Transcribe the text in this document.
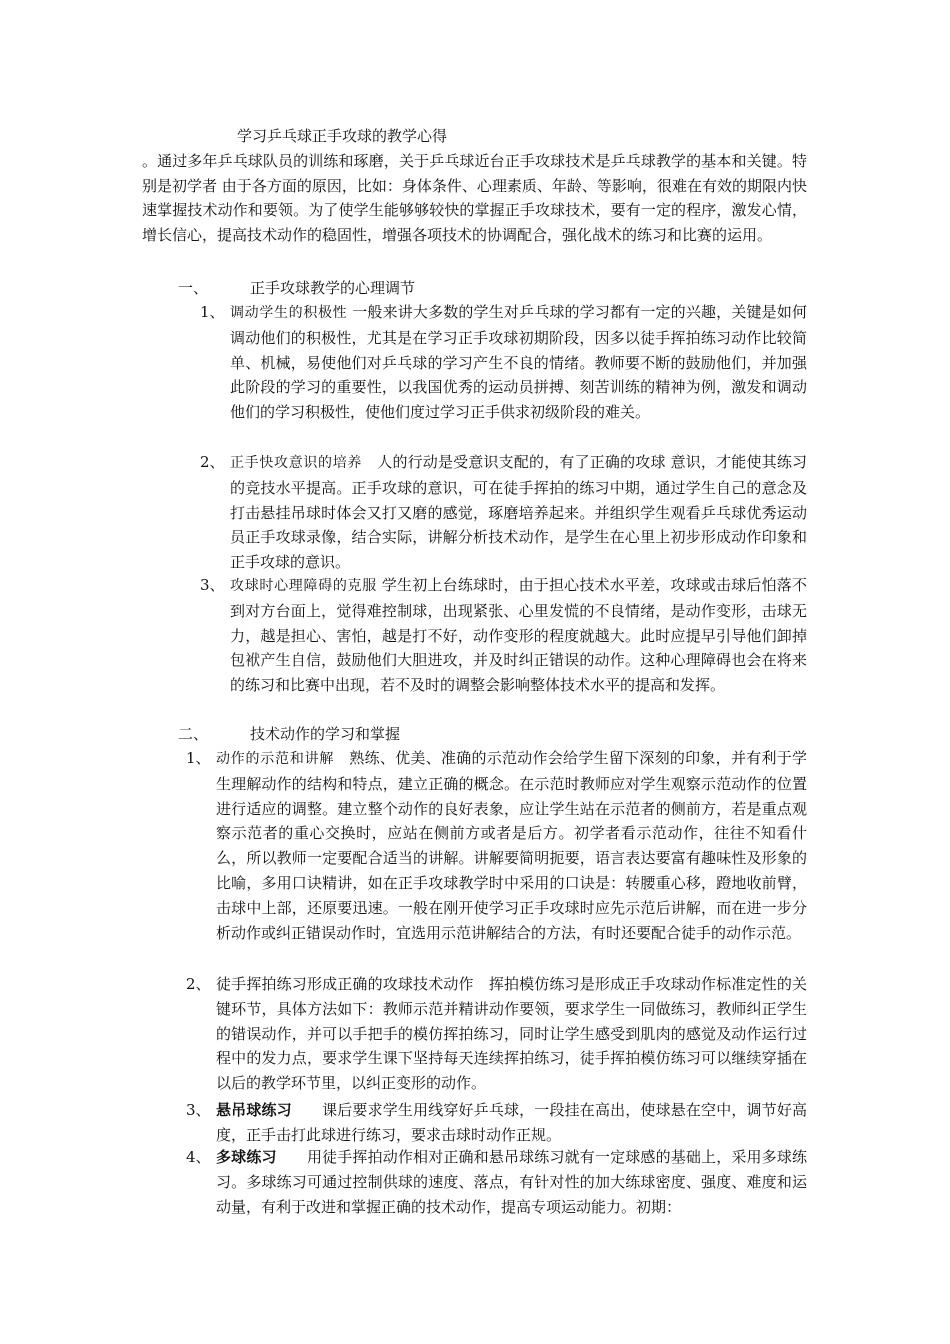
学习乒乓球正手攻球的教学心得
。通过多年乒乓球队员的训练和琢磨，关于乒乓球近台正手攻球技术是乒乓球教学的基本和关键。特别是初学者 由于各方面的原因，比如：身体条件、心理素质、年龄、等影响，很难在有效的期限内快速掌握技术动作和要领。为了使学生能够够较快的掌握正手攻球技术，要有一定的程序，激发心情，增长信心，提高技术动作的稳固性，增强各项技术的协调配合，强化战术的练习和比赛的运用。
一、	正手攻球教学的心理调节
1、 调动学生的积极性 一般来讲大多数的学生对乒乓球的学习都有一定的兴趣，关键是如何调动他们的积极性，尤其是在学习正手攻球初期阶段，因多以徒手挥拍练习动作比较简单、机械，易使他们对乒乓球的学习产生不良的情绪。教师要不断的鼓励他们，并加强此阶段的学习的重要性，以我国优秀的运动员拼搏、刻苦训练的精神为例，激发和调动他们的学习积极性，使他们度过学习正手供求初级阶段的难关。
2、 正手快攻意识的培养　人的行动是受意识支配的，有了正确的攻球 意识，才能使其练习的竞技水平提高。正手攻球的意识，可在徒手挥拍的练习中期，通过学生自己的意念及打击悬挂吊球时体会又打又磨的感觉，琢磨培养起来。并组织学生观看乒乓球优秀运动员正手攻球录像，结合实际，讲解分析技术动作，是学生在心里上初步形成动作印象和正手攻球的意识。
3、 攻球时心理障碍的克服 学生初上台练球时，由于担心技术水平差，攻球或击球后怕落不到对方台面上，觉得难控制球，出现紧张、心里发慌的不良情绪，是动作变形，击球无力，越是担心、害怕，越是打不好，动作变形的程度就越大。此时应提早引导他们卸掉包袱产生自信，鼓励他们大胆进攻，并及时纠正错误的动作。这种心理障碍也会在将来的练习和比赛中出现，若不及时的调整会影响整体技术水平的提高和发挥。
二、	技术动作的学习和掌握
1、 动作的示范和讲解　熟练、优美、准确的示范动作会给学生留下深刻的印象，并有利于学生理解动作的结构和特点，建立正确的概念。在示范时教师应对学生观察示范动作的位置进行适应的调整。建立整个动作的良好表象，应让学生站在示范者的侧前方，若是重点观察示范者的重心交换时，应站在侧前方或者是后方。初学者看示范动作，往往不知看什么，所以教师一定要配合适当的讲解。讲解要简明扼要，语言表达要富有趣味性及形象的比喻，多用口诀精讲，如在正手攻球教学时中采用的口诀是：转腰重心移，蹬地收前臂，击球中上部，还原要迅速。一般在刚开使学习正手攻球时应先示范后讲解，而在进一步分析动作或纠正错误动作时，宜选用示范讲解结合的方法，有时还要配合徒手的动作示范。
2、 徒手挥拍练习形成正确的攻球技术动作　挥拍模仿练习是形成正手攻球动作标准定性的关键环节，具体方法如下：教师示范并精讲动作要领，要求学生一同做练习，教师纠正学生的错误动作，并可以手把手的模仿挥拍练习，同时让学生感受到肌肉的感觉及动作运行过程中的发力点，要求学生课下坚持每天连续挥拍练习，徒手挥拍模仿练习可以继续穿插在以后的教学环节里，以纠正变形的动作。
3、 悬吊球练习　　课后要求学生用线穿好乒乓球，一段挂在高出，使球悬在空中，调节好高度，正手击打此球进行练习，要求击球时动作正规。
4、 多球练习　　用徒手挥拍动作相对正确和悬吊球练习就有一定球感的基础上，采用多球练习。多球练习可通过控制供球的速度、落点，有针对性的加大练球密度、强度、难度和运动量，有利于改进和掌握正确的技术动作，提高专项运动能力。初期：
